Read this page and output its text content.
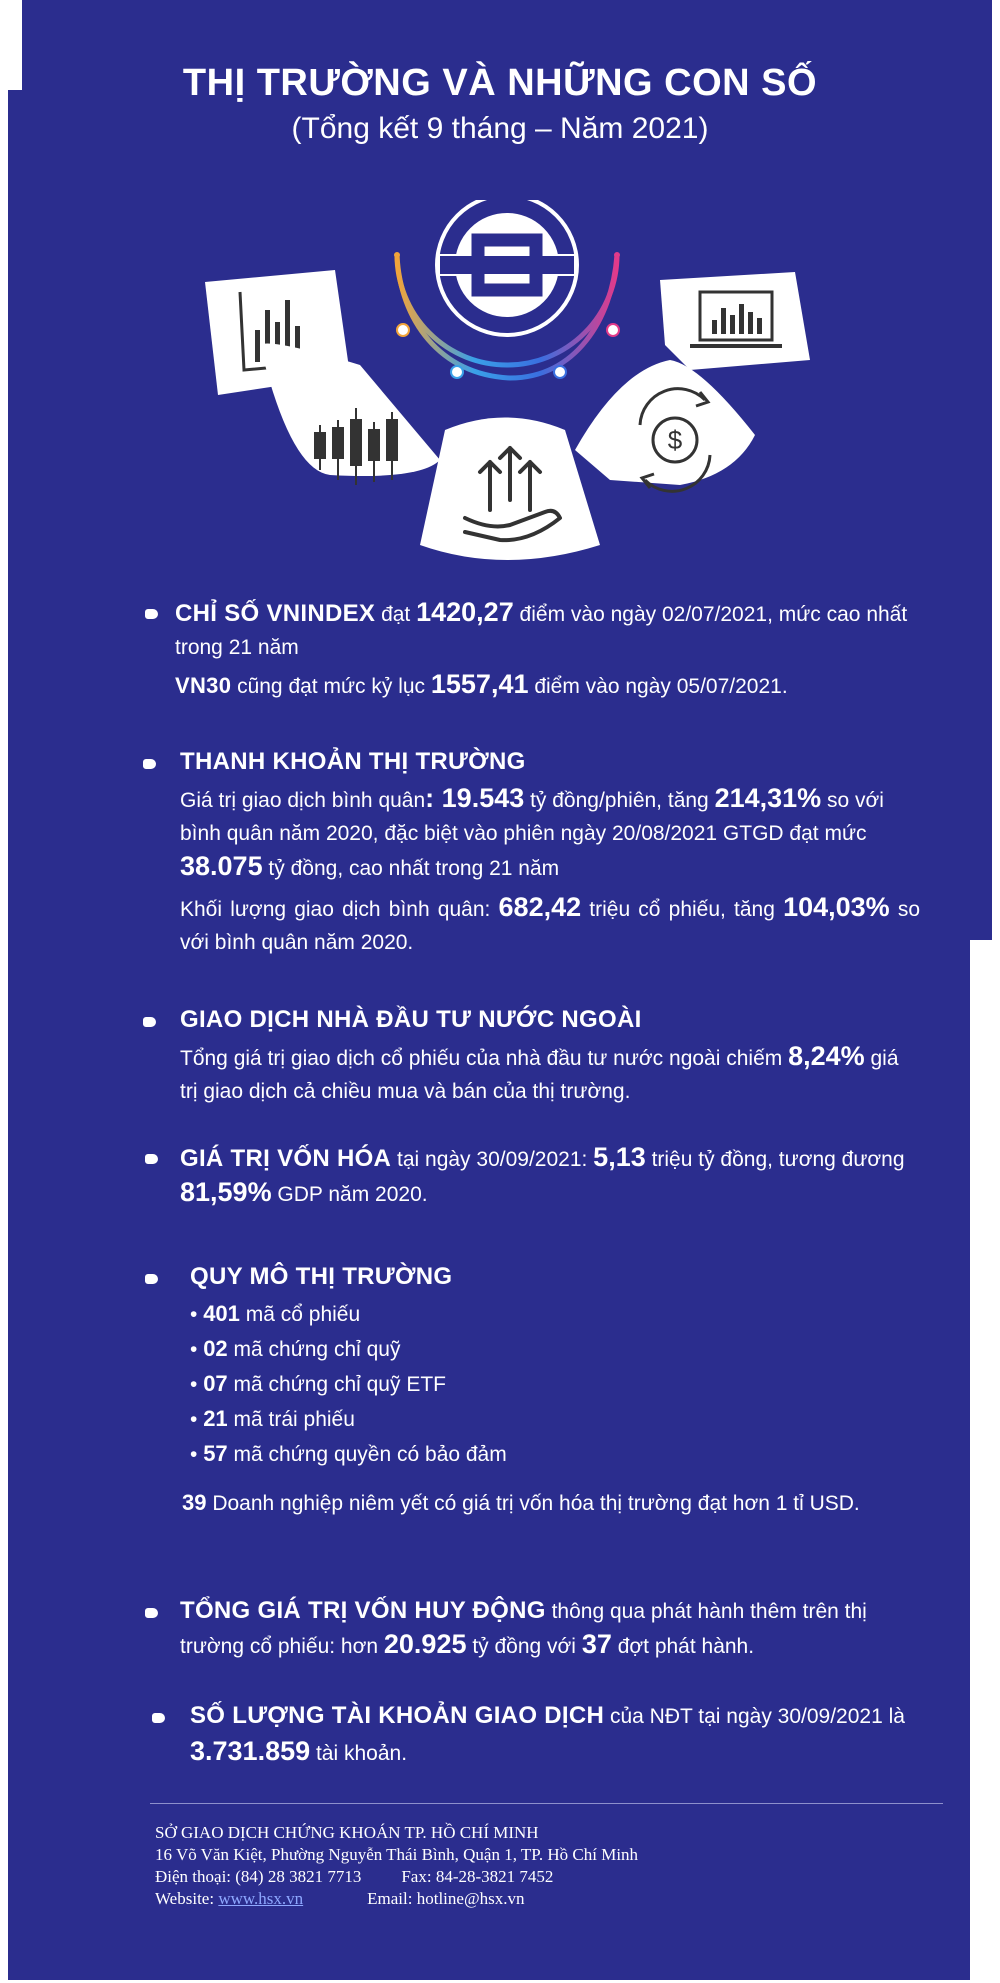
THỊ TRƯỜNG VÀ NHỮNG CON SỐ
(Tổng kết 9 tháng – Năm 2021)
$

CHỈ SỐ VNINDEX đạt 1420,27 điểm vào ngày 02/07/2021, mức cao nhất trong 21 năm

VN30 cũng đạt mức kỷ lục 1557,41 điểm vào ngày 05/07/2021.

THANH KHOẢN THỊ TRƯỜNG

Giá trị giao dịch bình quân: 19.543 tỷ đồng/phiên, tăng 214,31% so với bình quân năm 2020, đặc biệt vào phiên ngày 20/08/2021 GTGD đạt mức 38.075 tỷ đồng, cao nhất trong 21 năm

Khối lượng giao dịch bình quân: 682,42 triệu cổ phiếu, tăng 104,03% so với bình quân năm 2020.

GIAO DỊCH NHÀ ĐẦU TƯ NƯỚC NGOÀI

Tổng giá trị giao dịch cổ phiếu của nhà đầu tư nước ngoài chiếm 8,24% giá trị giao dịch cả chiều mua và bán của thị trường.

GIÁ TRỊ VỐN HÓA tại ngày 30/09/2021: 5,13 triệu tỷ đồng, tương đương 81,59% GDP năm 2020.

QUY MÔ THỊ TRƯỜNG

• 401 mã cổ phiếu
• 02 mã chứng chỉ quỹ
• 07 mã chứng chỉ quỹ ETF
• 21 mã trái phiếu
• 57 mã chứng quyền có bảo đảm

39 Doanh nghiệp niêm yết có giá trị vốn hóa thị trường đạt hơn 1 tỉ USD.

TỔNG GIÁ TRỊ VỐN HUY ĐỘNG thông qua phát hành thêm trên thị trường cổ phiếu: hơn 20.925 tỷ đồng với 37 đợt phát hành.

SỐ LƯỢNG TÀI KHOẢN GIAO DỊCH của NĐT tại ngày 30/09/2021 là

3.731.859 tài khoản.

SỞ GIAO DỊCH CHỨNG KHOÁN TP. HỒ CHÍ MINH
16 Võ Văn Kiệt, Phường Nguyễn Thái Bình, Quận 1, TP. Hồ Chí Minh
Điện thoại: (84) 28 3821 7713 Fax: 84-28-3821 7452
Website: www.hsx.vn	Email: hotline@hsx.vn
